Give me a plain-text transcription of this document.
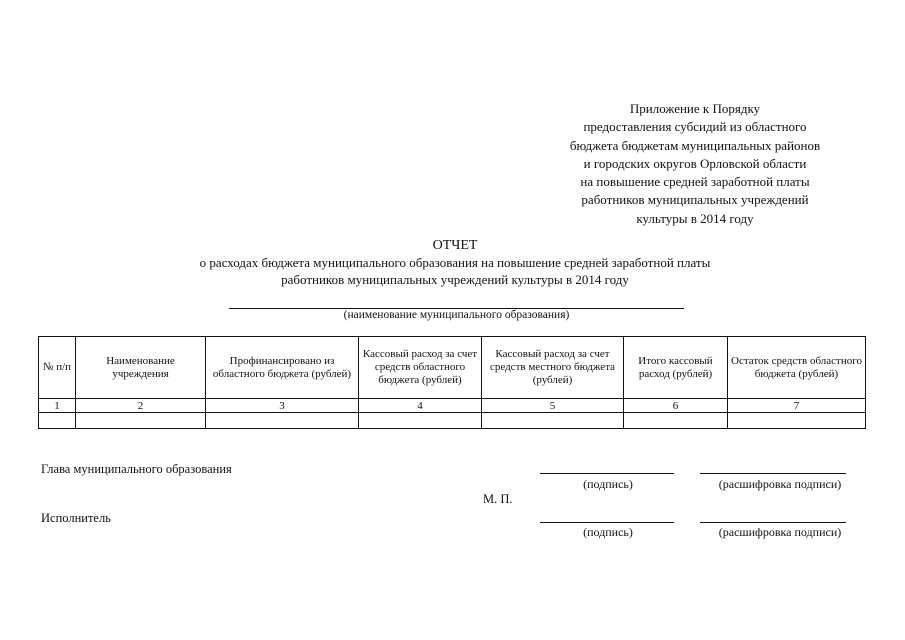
Приложение к Порядку
предоставления субсидий из областного
бюджета бюджетам муниципальных районов
и городских округов Орловской области
на повышение средней заработной платы
работников муниципальных учреждений
культуры в 2014 году
ОТЧЕТ
о расходах бюджета муниципального образования на повышение средней заработной платы
работников муниципальных учреждений культуры в 2014 году
(наименование муниципального образования)
№ п/п	Наименование учреждения	Профинансировано из областного бюджета (рублей)	Кассовый расход за счет средств областного бюджета (рублей)	Кассовый расход за счет средств местного бюджета (рублей)	Итого кассовый расход (рублей)	Остаток средств областного бюджета (рублей)
1	2	3	4	5	6	7

Глава муниципального образования
(подпись)	(расшифровка подписи)
М. П.
Исполнитель
(подпись)	(расшифровка подписи)
